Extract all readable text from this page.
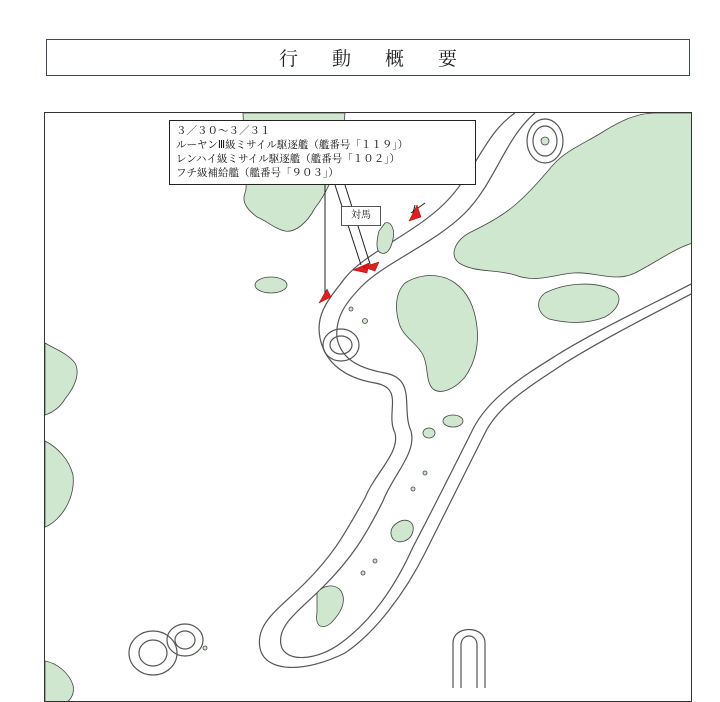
行 動 概 要
３／３０～３／３１
ルーヤンⅢ級ミサイル駆逐艦（艦番号「１１９」）
レンハイ級ミサイル駆逐艦（艦番号「１０２」）
フチ級補給艦（艦番号「９０３」）
対馬
